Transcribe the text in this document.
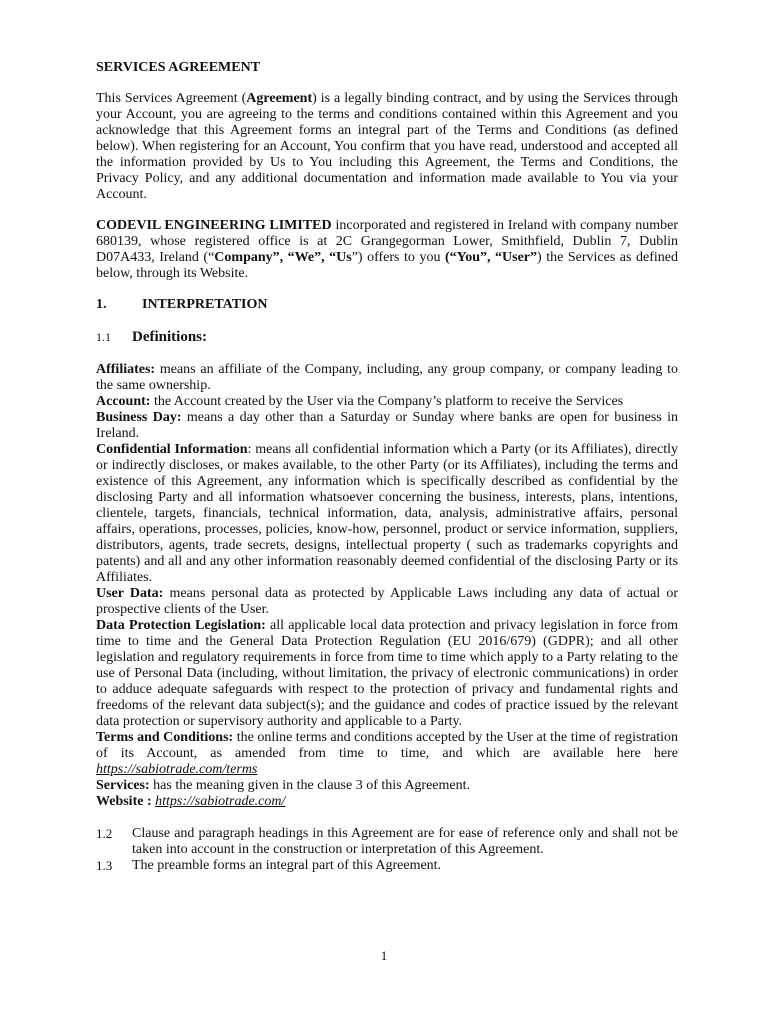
SERVICES AGREEMENT

This Services Agreement (Agreement) is a legally binding contract, and by using the Services through your Account, you are agreeing to the terms and conditions contained within this Agreement and you acknowledge that this Agreement forms an integral part of the Terms and Conditions (as defined below). When registering for an Account, You confirm that you have read, understood and accepted all the information provided by Us to You including this Agreement, the Terms and Conditions, the Privacy Policy, and any additional documentation and information made available to You via your Account.

CODEVIL ENGINEERING LIMITED incorporated and registered in Ireland with company number 680139, whose registered office is at 2C Grangegorman Lower, Smithfield, Dublin 7, Dublin D07A433, Ireland (“Company”, “We”, “Us”) offers to you (“You”, “User”) the Services as defined below, through its Website.

1.	INTERPRETATION
1.1	Definitions:

Affiliates: means an affiliate of the Company, including, any group company, or company leading to the same ownership.

Account: the Account created by the User via the Company’s platform to receive the Services

Business Day: means a day other than a Saturday or Sunday where banks are open for business in Ireland.

Confidential Information: means all confidential information which a Party (or its Affiliates), directly or indirectly discloses, or makes available, to the other Party (or its Affiliates), including the terms and existence of this Agreement, any information which is specifically described as confidential by the disclosing Party and all information whatsoever concerning the business, interests, plans, intentions, clientele, targets, financials, technical information, data, analysis, administrative affairs, personal affairs, operations, processes, policies, know-how, personnel, product or service information, suppliers, distributors, agents, trade secrets, designs, intellectual property ( such as trademarks copyrights and patents) and all and any other information reasonably deemed confidential of the disclosing Party or its Affiliates.

User Data: means personal data as protected by Applicable Laws including any data of actual or prospective clients of the User.

Data Protection Legislation: all applicable local data protection and privacy legislation in force from time to time and the General Data Protection Regulation (EU 2016/679) (GDPR); and all other legislation and regulatory requirements in force from time to time which apply to a Party relating to the use of Personal Data (including, without limitation, the privacy of electronic communications) in order to adduce adequate safeguards with respect to the protection of privacy and fundamental rights and freedoms of the relevant data subject(s); and the guidance and codes of practice issued by the relevant data protection or supervisory authority and applicable to a Party.

Terms and Conditions: the online terms and conditions accepted by the User at the time of registration of its Account, as amended from time to time, and which are available here here https://sabiotrade.com/terms

Services: has the meaning given in the clause 3 of this Agreement.

Website : https://sabiotrade.com/

1.2	Clause and paragraph headings in this Agreement are for ease of reference only and shall not be taken into account in the construction or interpretation of this Agreement.
1.3	The preamble forms an integral part of this Agreement.
1
